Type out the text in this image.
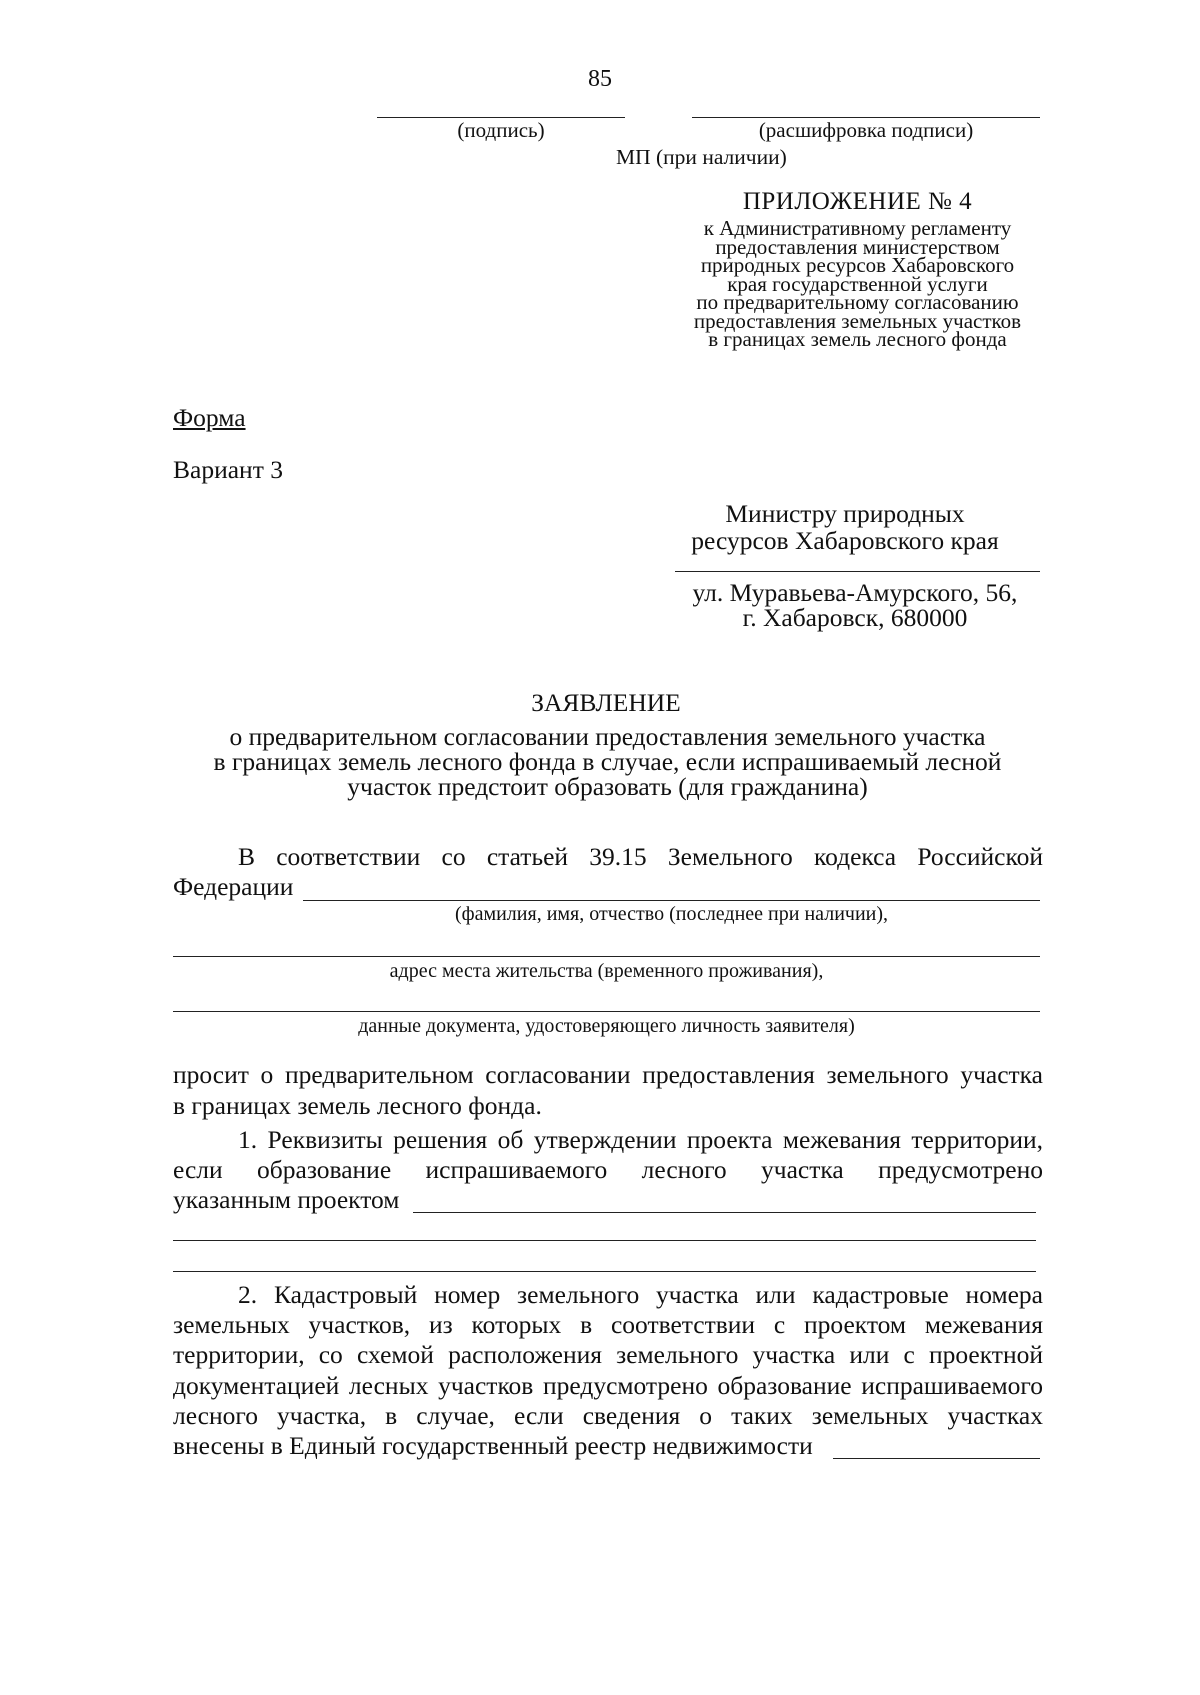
85
(подпись)	(расшифровка подписи)
МП (при наличии)
ПРИЛОЖЕНИЕ № 4
к Административному регламенту
предоставления министерством
природных ресурсов Хабаровского
края государственной услуги
по предварительному согласованию
предоставления земельных участков
в границах земель лесного фонда
Форма
Вариант 3
Министру природных
ресурсов Хабаровского края
ул. Муравьева-Амурского, 56,
г. Хабаровск, 680000
ЗАЯВЛЕНИЕ
о предварительном согласовании предоставления земельного участка
в границах земель лесного фонда в случае, если испрашиваемый лесной
участок предстоит образовать (для гражданина)
В соответствии со статьей 39.15 Земельного кодекса Российской
Федерации
(фамилия, имя, отчество (последнее при наличии),
адрес места жительства (временного проживания),
данные документа, удостоверяющего личность заявителя)
просит о предварительном согласовании предоставления земельного участка
в границах земель лесного фонда.
1. Реквизиты решения об утверждении проекта межевания территории,
если образование испрашиваемого лесного участка предусмотрено
указанным проектом
2. Кадастровый номер земельного участка или кадастровые номера
земельных участков, из которых в соответствии с проектом межевания
территории, со схемой расположения земельного участка или с проектной
документацией лесных участков предусмотрено образование испрашиваемого
лесного участка, в случае, если сведения о таких земельных участках
внесены в Единый государственный реестр недвижимости
